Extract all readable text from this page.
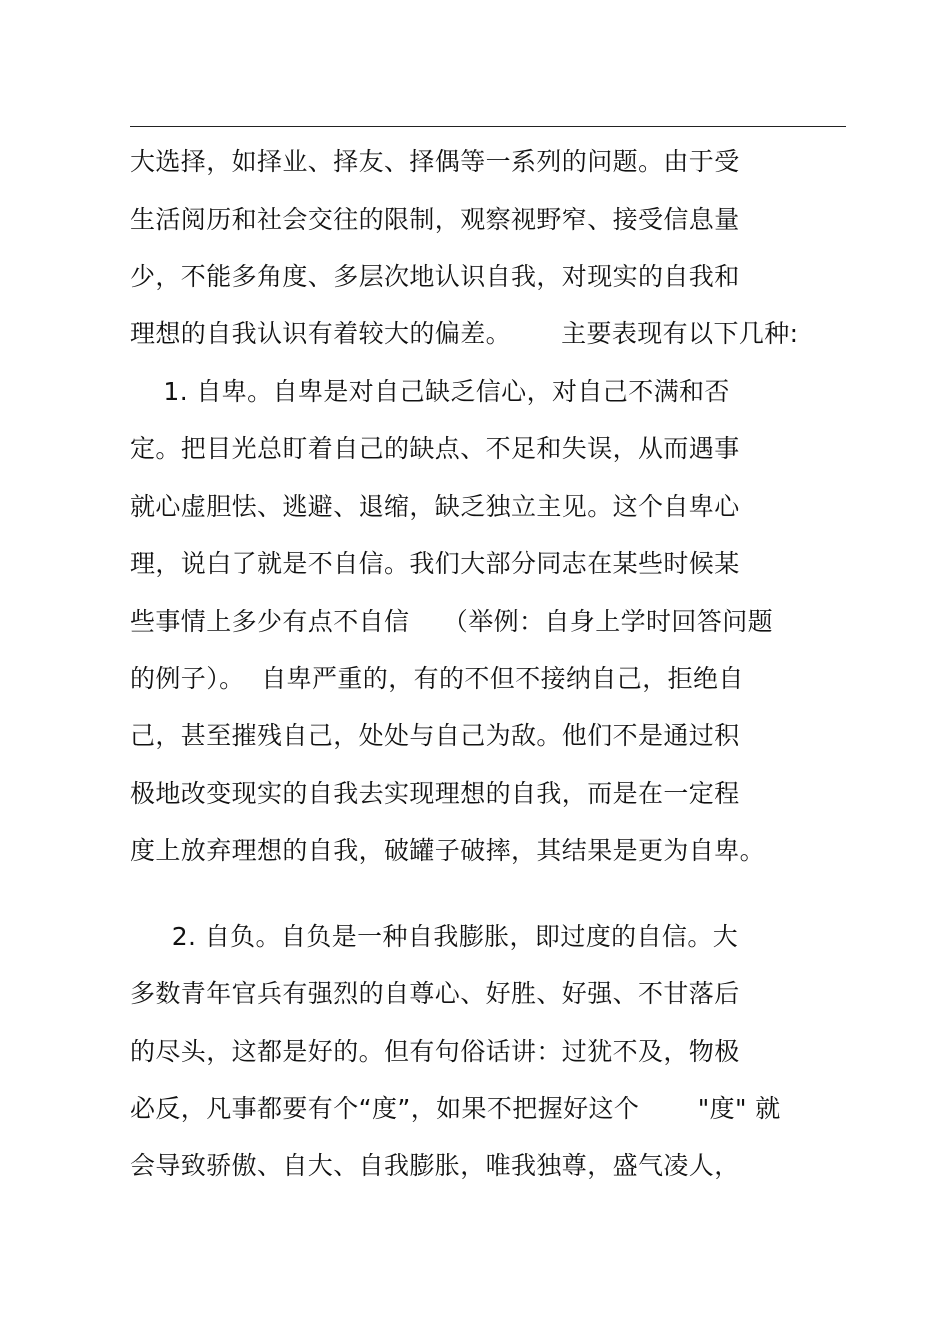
大选择，如择业、择友、择偶等一系列的问题。由于受
生活阅历和社会交往的限制，观察视野窄、接受信息量
少，不能多角度、多层次地认识自我，对现实的自我和
理想的自我认识有着较大的偏差。      主要表现有以下几种:
1. 自卑。自卑是对自己缺乏信心，对自己不满和否
定。把目光总盯着自己的缺点、不足和失误，从而遇事
就心虚胆怯、逃避、退缩，缺乏独立主见。这个自卑心
理，说白了就是不自信。我们大部分同志在某些时候某
些事情上多少有点不自信    （举例：自身上学时回答问题
的例子）。  自卑严重的，有的不但不接纳自己，拒绝自
己，甚至摧残自己，处处与自己为敌。他们不是通过积
极地改变现实的自我去实现理想的自我，而是在一定程
度上放弃理想的自我，破罐子破摔，其结果是更为自卑。
2. 自负。自负是一种自我膨胀，即过度的自信。大
多数青年官兵有强烈的自尊心、好胜、好强、不甘落后
的尽头，这都是好的。但有句俗话讲：过犹不及，物极
必反，凡事都要有个“度”，如果不把握好这个       "度" 就
会导致骄傲、自大、自我膨胀，唯我独尊，盛气凌人，
